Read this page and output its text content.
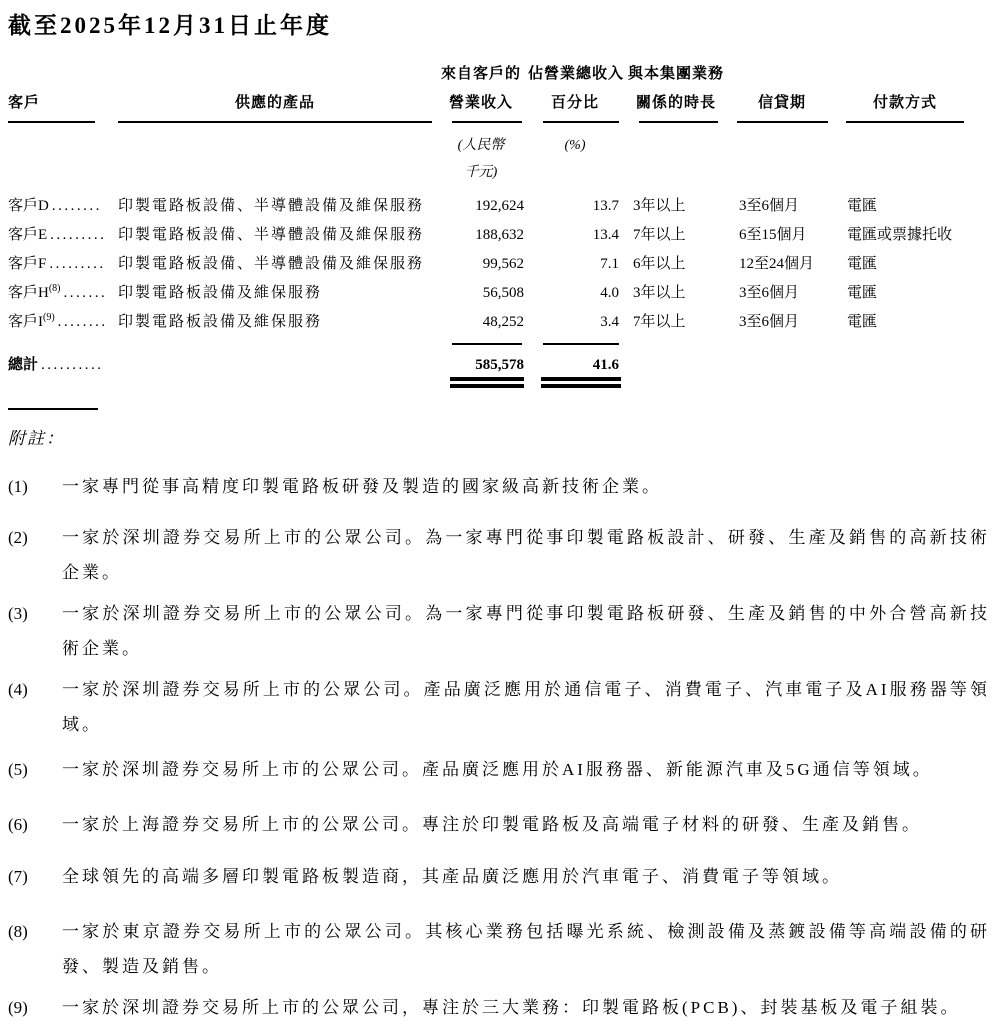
截至2025年12月31日止年度
客戶	供應的產品
來自客戶的
營業收入
佔營業總收入
百分比
與本集團業務
關係的時長	信貸期	付款方式
(人民幣
千元)
(%)
客戶D ........ 印製電路板設備、半導體設備及維保服務	192,624	13.7 3年以上	3至6個月	電匯
客戶E ......... 印製電路板設備、半導體設備及維保服務	188,632	13.4 7年以上	6至15個月	電匯或票據托收
客戶F ......... 印製電路板設備、半導體設備及維保服務	99,562	7.1 6年以上	12至24個月 電匯
客戶$H^{(8)}$ ....... 印製電路板設備及維保服務	56,508	4.0 3年以上	3至6個月	電匯
客戶$I^{(9)}$ ........ 印製電路板設備及維保服務	48,252	3.4 7年以上	3至6個月	電匯
總計 ..........	585,578	41.6
附註：
(1) 一家專門從事高精度印製電路板研發及製造的國家級高新技術企業。
(2) 一家於深圳證券交易所上市的公眾公司。為一家專門從事印製電路板設計、研發、生產及銷售的高新技術企業。
(3) 一家於深圳證券交易所上市的公眾公司。為一家專門從事印製電路板研發、生產及銷售的中外合營高新技術企業。
(4) 一家於深圳證券交易所上市的公眾公司。產品廣泛應用於通信電子、消費電子、汽車電子及AI服務器等領域。
(5) 一家於深圳證券交易所上市的公眾公司。產品廣泛應用於AI服務器、新能源汽車及5G通信等領域。
(6) 一家於上海證券交易所上市的公眾公司。專注於印製電路板及高端電子材料的研發、生產及銷售。
(7) 全球領先的高端多層印製電路板製造商，其產品廣泛應用於汽車電子、消費電子等領域。
(8) 一家於東京證券交易所上市的公眾公司。其核心業務包括曝光系統、檢測設備及蒸鍍設備等高端設備的研發、製造及銷售。
(9) 一家於深圳證券交易所上市的公眾公司，專注於三大業務：印製電路板(PCB)、封裝基板及電子組裝。
